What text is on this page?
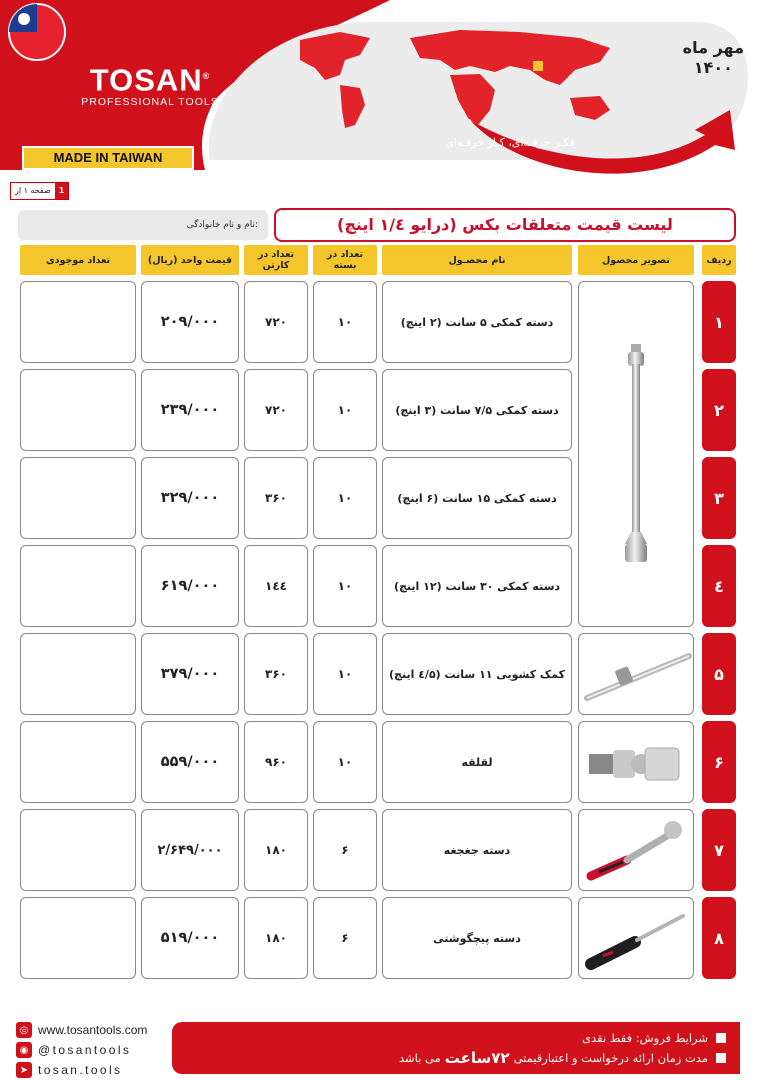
TOSAN®
PROFESSIONAL TOOLS
MADE IN TAIWAN
مهر ماه
۱۴۰۰
فکـر حرفـه‌ای، کـار حرفـه‌ای
صفحه ۱ از	1
نام و نام خانوادگی:	لیست قیمت متعلقات بکس (درایو ۱/٤ اینچ)
ردیف
تصویر محصول
نام محصـول
تعداد در بسته
تعداد در کارتن
قیمت واحد (ریال)
تعداد موجودی
۱
دسته کمکی ۵ سانت (۲ اینچ)
۱۰
۷۲۰
۲۰۹/۰۰۰
۲
دسته کمکی ۷/۵ سانت (۳ اینچ)
۱۰
۷۲۰
۲۳۹/۰۰۰
۳
دسته کمکی ۱۵ سانت (۶ اینچ)
۱۰
۳۶۰
۳۲۹/۰۰۰
٤
دسته کمکی ۳۰ سانت (۱۲ اینچ)
۱۰
۱٤٤
۶۱۹/۰۰۰
۵
کمک کشویی ۱۱ سانت (٤/۵ اینچ)
۱۰
۳۶۰
۳۷۹/۰۰۰
۶
لقلقه
۱۰
۹۶۰
۵۵۹/۰۰۰
۷
دسته جغجغه
۶
۱۸۰
۲/۶۴۹/۰۰۰
۸
دسته پیچگوشتی
۶
۱۸۰
۵۱۹/۰۰۰
◎ www.tosantools.com
◉ @tosantools
➤ tosan.tools
شرایط فروش:

فقط نقدی
مدت زمان ارائه درخواست و اعتبارقیمتی
۷۲ساعت
می باشد
